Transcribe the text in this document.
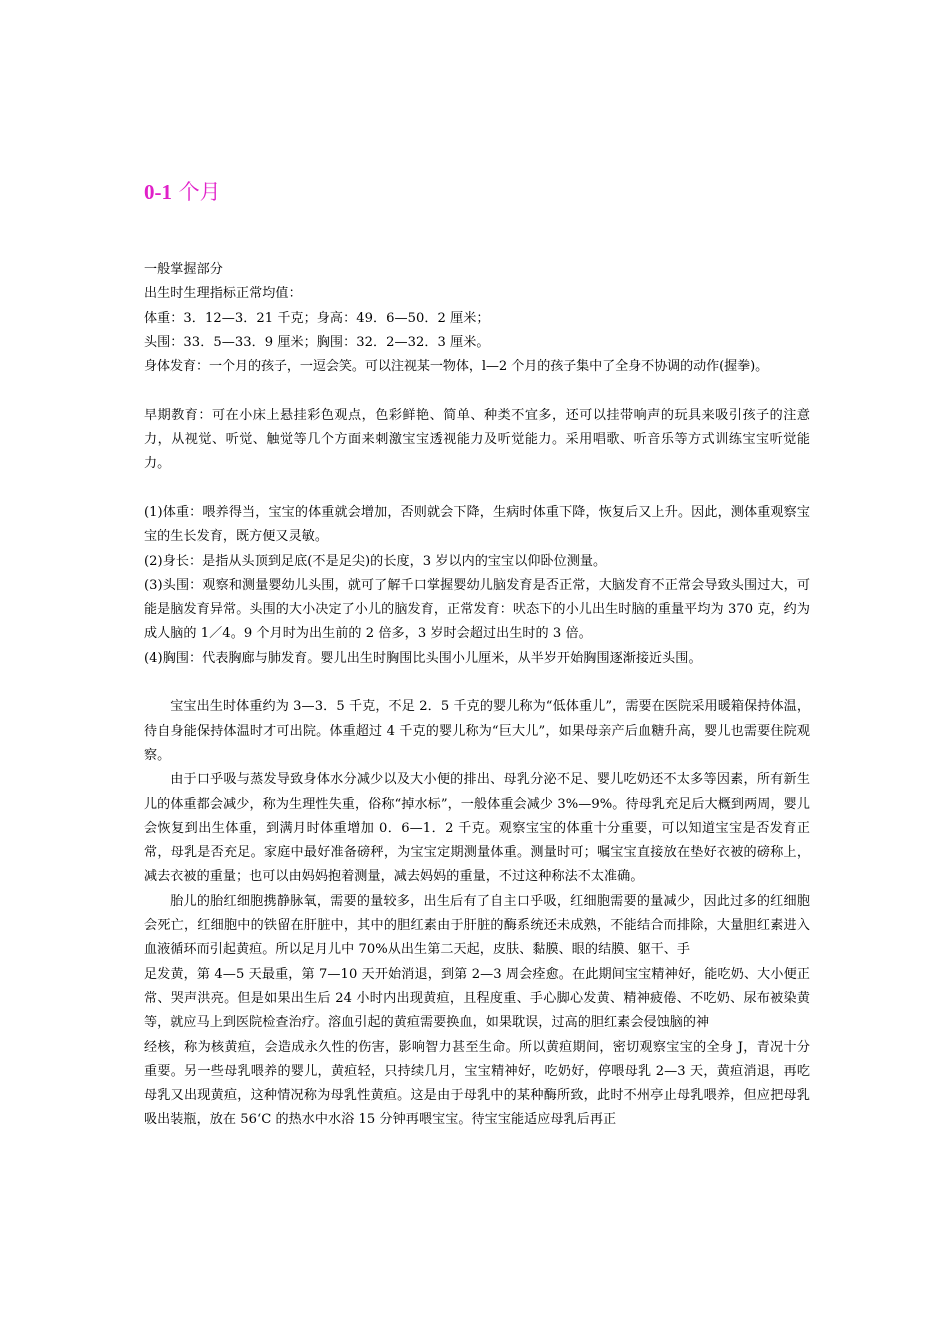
0-1 个月

一般掌握部分

出生时生理指标正常均值：

体重：3．12—3．21 千克；身高：49．6—50．2 厘米；

头围：33．5—33．9 厘米；胸围：32．2—32．3 厘米。

身体发育：一个月的孩子，一逗会笑。可以注视某一物体，l—2 个月的孩子集中了全身不协调的动作(握拳)。

早期教育：可在小床上悬挂彩色观点，色彩鲜艳、简单、种类不宜多，还可以挂带响声的玩具来吸引孩子的注意力，从视觉、听觉、触觉等几个方面来刺激宝宝透视能力及听觉能力。采用唱歌、听音乐等方式训练宝宝听觉能力。

(1)体重：喂养得当，宝宝的体重就会增加，否则就会下降，生病时体重下降，恢复后又上升。因此，测体重观察宝宝的生长发育，既方便又灵敏。

(2)身长：是指从头顶到足底(不是足尖)的长度，3 岁以内的宝宝以仰卧位测量。

(3)头围：观察和测量婴幼儿头围，就可了解千口掌握婴幼儿脑发育是否正常，大脑发育不正常会导致头围过大，可能是脑发育异常。头围的大小决定了小儿的脑发育，正常发育：吠态下的小儿出生时脑的重量平均为 370 克，约为成人脑的 1／4。9 个月时为出生前的 2 倍多，3 岁时会超过出生时的 3 倍。

(4)胸围：代表胸廊与肺发育。婴儿出生时胸围比头围小儿厘米，从半岁开始胸围逐渐接近头围。

宝宝出生时体重约为 3—3．5 千克，不足 2．5 千克的婴儿称为“低体重儿”，需要在医院采用暖箱保持体温，待自身能保持体温时才可出院。体重超过 4 千克的婴儿称为“巨大儿”，如果母亲产后血糖升高，婴儿也需要住院观察。

由于口乎吸与蒸发导致身体水分减少以及大小便的排出、母乳分泌不足、婴儿吃奶还不太多等因素，所有新生儿的体重都会减少，称为生理性失重，俗称“掉水标”，一般体重会减少 3%—9%。待母乳充足后大概到两周，婴儿会恢复到出生体重，到满月时体重增加 0．6—1．2 千克。观察宝宝的体重十分重要，可以知道宝宝是否发育正常，母乳是否充足。家庭中最好准备磅秤，为宝宝定期测量体重。测量时可；嘱宝宝直接放在垫好衣被的磅称上，减去衣被的重量；也可以由妈妈抱着测量，减去妈妈的重量，不过这种称法不太准确。

胎儿的胎红细胞携静脉氧，需要的量较多，出生后有了自主口乎吸，红细胞需要的量减少，因此过多的红细胞会死亡，红细胞中的铁留在肝脏中，其中的胆红素由于肝脏的酶系统还未成熟，不能结合而排除，大量胆红素进入血液循环而引起黄疸。所以足月儿中 70%从出生第二天起，皮肤、黏膜、眼的结膜、躯干、手

足发黄，第 4—5 天最重，第 7—10 天开始消退，到第 2—3 周会痊愈。在此期间宝宝精神好，能吃奶、大小便正常、哭声洪亮。但是如果出生后 24 小时内出现黄疸，且程度重、手心脚心发黄、精神疲倦、不吃奶、尿布被染黄等，就应马上到医院检查治疗。溶血引起的黄疸需要换血，如果耽误，过高的胆红素会侵蚀脑的神

经核，称为核黄疸，会造成永久性的伤害，影响智力甚至生命。所以黄疸期间，密切观察宝宝的全身 J，青况十分重要。另一些母乳喂养的婴儿，黄疸轻，只持续几月，宝宝精神好，吃奶好，停喂母乳 2—3 天，黄疸消退，再吃母乳又出现黄疸，这种情况称为母乳性黄疸。这是由于母乳中的某种酶所致，此时不州亭止母乳喂养，但应把母乳吸出装瓶，放在 56‘C 的热水中水浴 15 分钟再喂宝宝。待宝宝能适应母乳后再正
